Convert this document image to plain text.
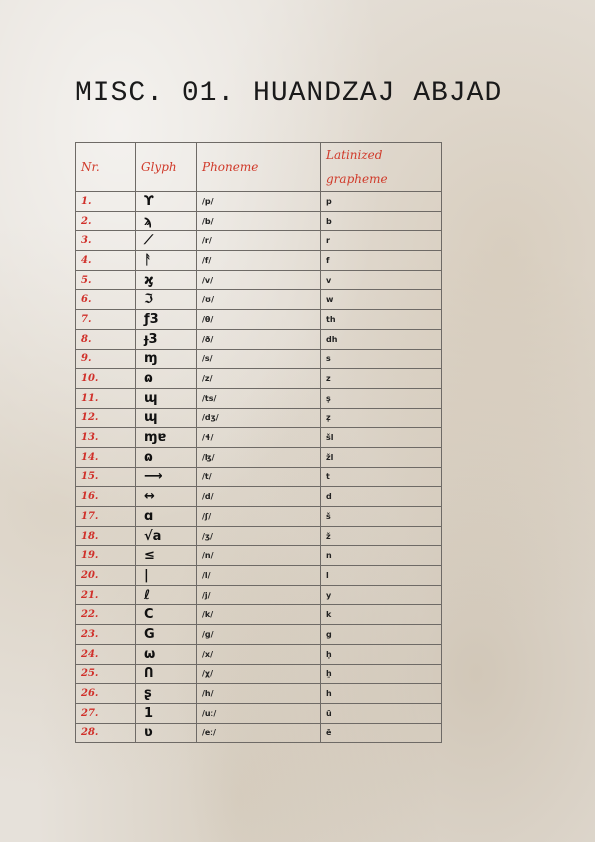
MISC. 01. HUANDZAJ ABJAD
Nr.	Glyph	Phoneme	Latinized grapheme
1.	ϒ	/p/	p
2.	ϡ	/b/	b
3.	⟋	/r/	r
4.	ᚨ	/f/	f
5.	ϗ	/v/	v
6.	ℑ	/ʊ/	w
7.	ƒ3	/θ/	th
8.	ɟ3	/ð/	dh
9.	ɱ	/s/	s
10.	ɷ	/z/	z
11.	ɰ	/ts/	ṣ
12.	ɰ	/dʒ/	ẓ
13.	ɱɐ	/ɬ/	šl
14.	ɷ	/ɮ/	žl
15.	⟶	/t/	t
16.	↔	/d/	d
17.	ɑ	/ʃ/	š
18.	√a	/ʒ/	ž
19.	≤	/n/	n
20.	|	/l/	l
21.	ℓ	/j/	y
22.	C	/k/	k
23.	G	/ɡ/	g
24.	ω	/x/	ḥ
25.	Ո	/χ/	ẖ
26.	ʂ	/h/	h
27.	1	/uː/	ū
28.	ʋ	/eː/	ē
